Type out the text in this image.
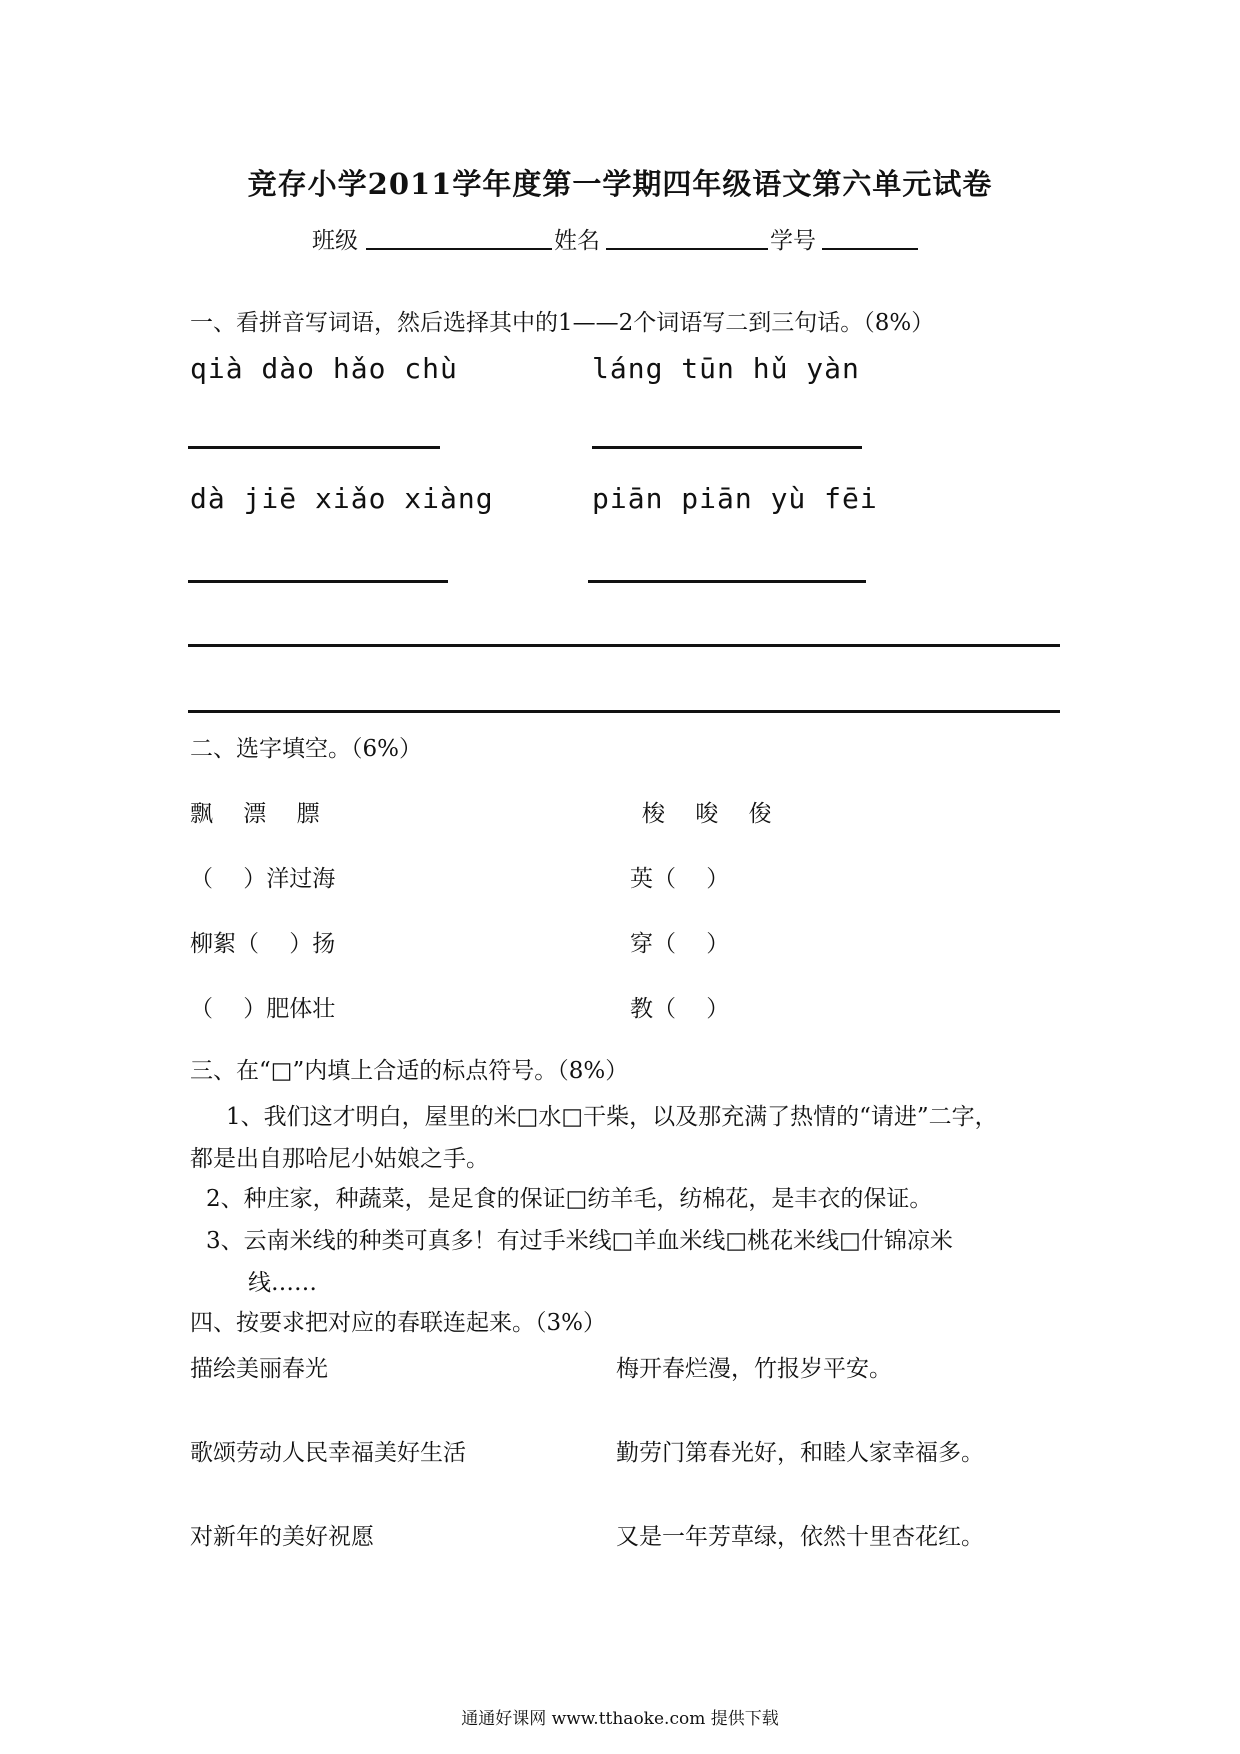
竞存小学2011学年度第一学期四年级语文第六单元试卷
班级	姓名	学号
一、看拼音写词语，然后选择其中的1——2个词语写二到三句话。（8%）
qià dào hǎo chù	láng tūn hǔ yàn
dà jiē xiǎo xiàng	piān piān yù fēi
二、选字填空。（6%）
飘　 漂　 膘	梭　 唆　 俊
（　 ）洋过海	英（　 ）
柳絮（　 ）扬	穿（　 ）
（　 ）肥体壮	教（　 ）
三、在“□”内填上合适的标点符号。（8%）
1、我们这才明白，屋里的米□水□干柴，以及那充满了热情的“请进”二字，
都是出自那哈尼小姑娘之手。
2、种庄家，种蔬菜，是足食的保证□纺羊毛，纺棉花，是丰衣的保证。
3、云南米线的种类可真多！有过手米线□羊血米线□桃花米线□什锦凉米
线……
四、按要求把对应的春联连起来。（3%）
描绘美丽春光	梅开春烂漫，竹报岁平安。
歌颂劳动人民幸福美好生活	勤劳门第春光好，和睦人家幸福多。
对新年的美好祝愿	又是一年芳草绿，依然十里杏花红。
通通好课网 www.tthaoke.com 提供下载
